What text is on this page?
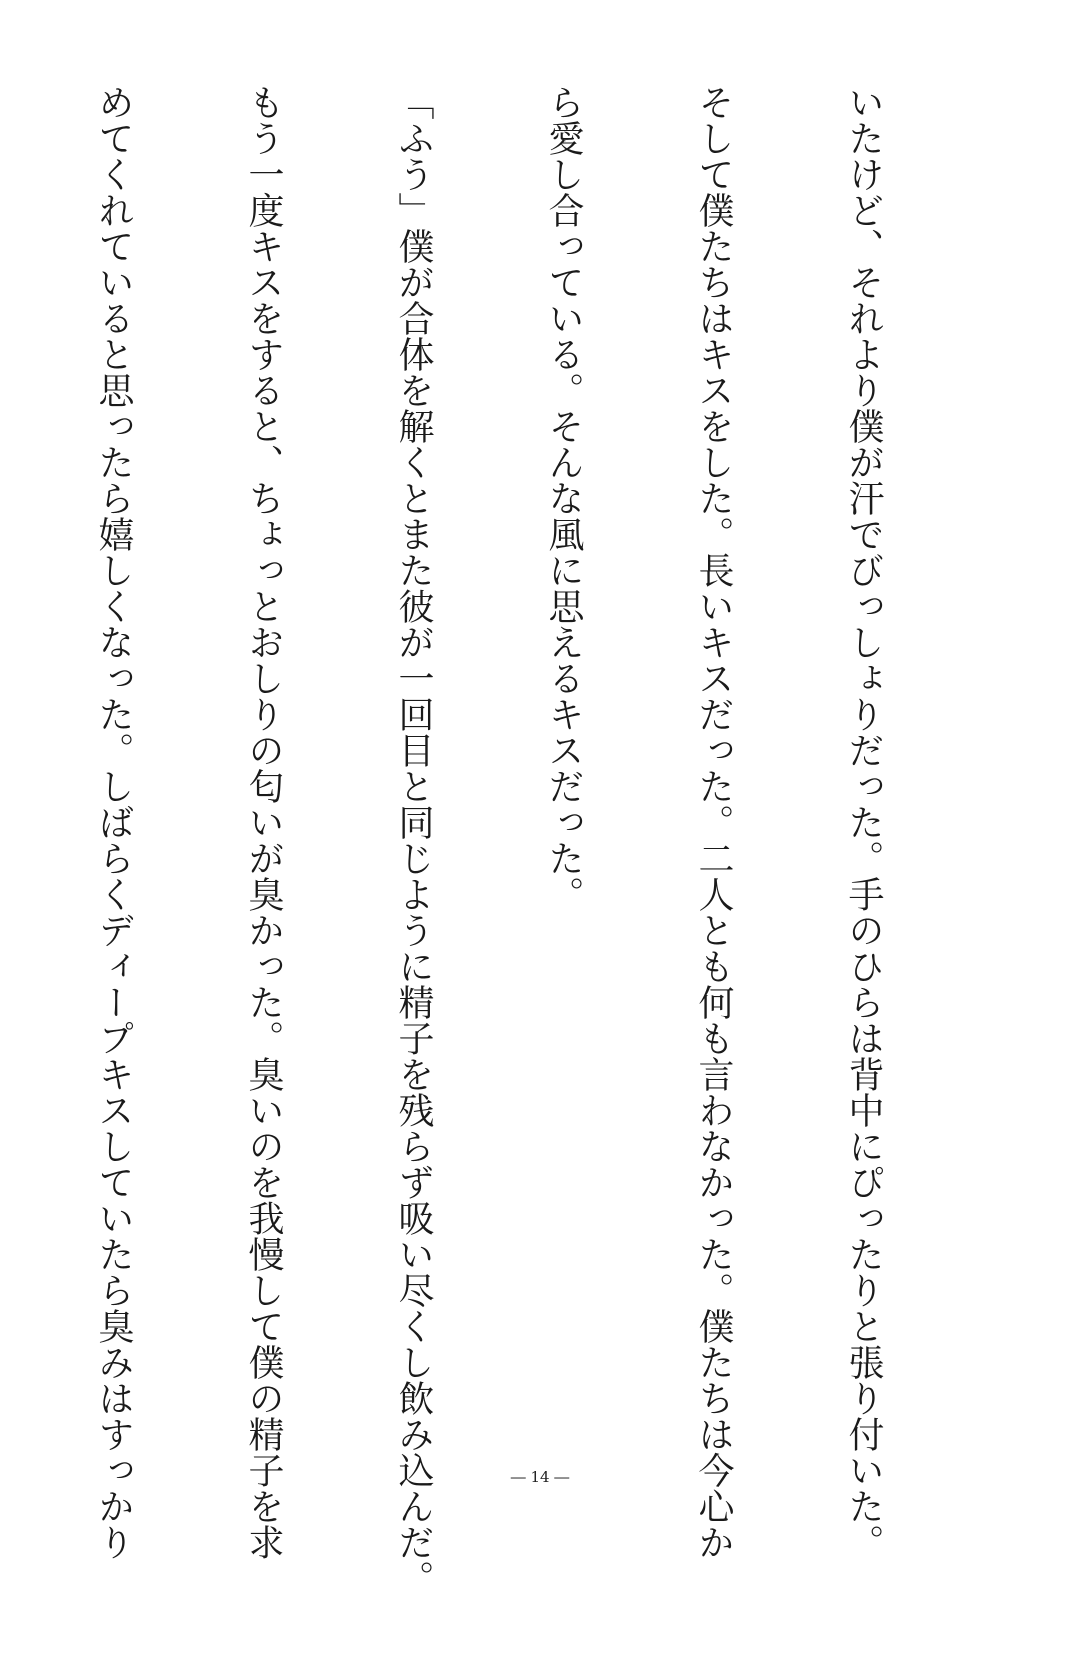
いたけど、それより僕が汗でびっしょりだった。手のひらは背中にぴったりと張り付いた。

そして僕たちはキスをした。長いキスだった。二人とも何も言わなかった。僕たちは今心か

ら愛し合っている。そんな風に思えるキスだった。

「ふう」僕が合体を解くとまた彼が一回目と同じように精子を残らず吸い尽くし飲み込んだ。

もう一度キスをすると、ちょっとおしりの匂いが臭かった。臭いのを我慢して僕の精子を求

めてくれていると思ったら嬉しくなった。しばらくディープキスしていたら臭みはすっかり

	― 14 ―
